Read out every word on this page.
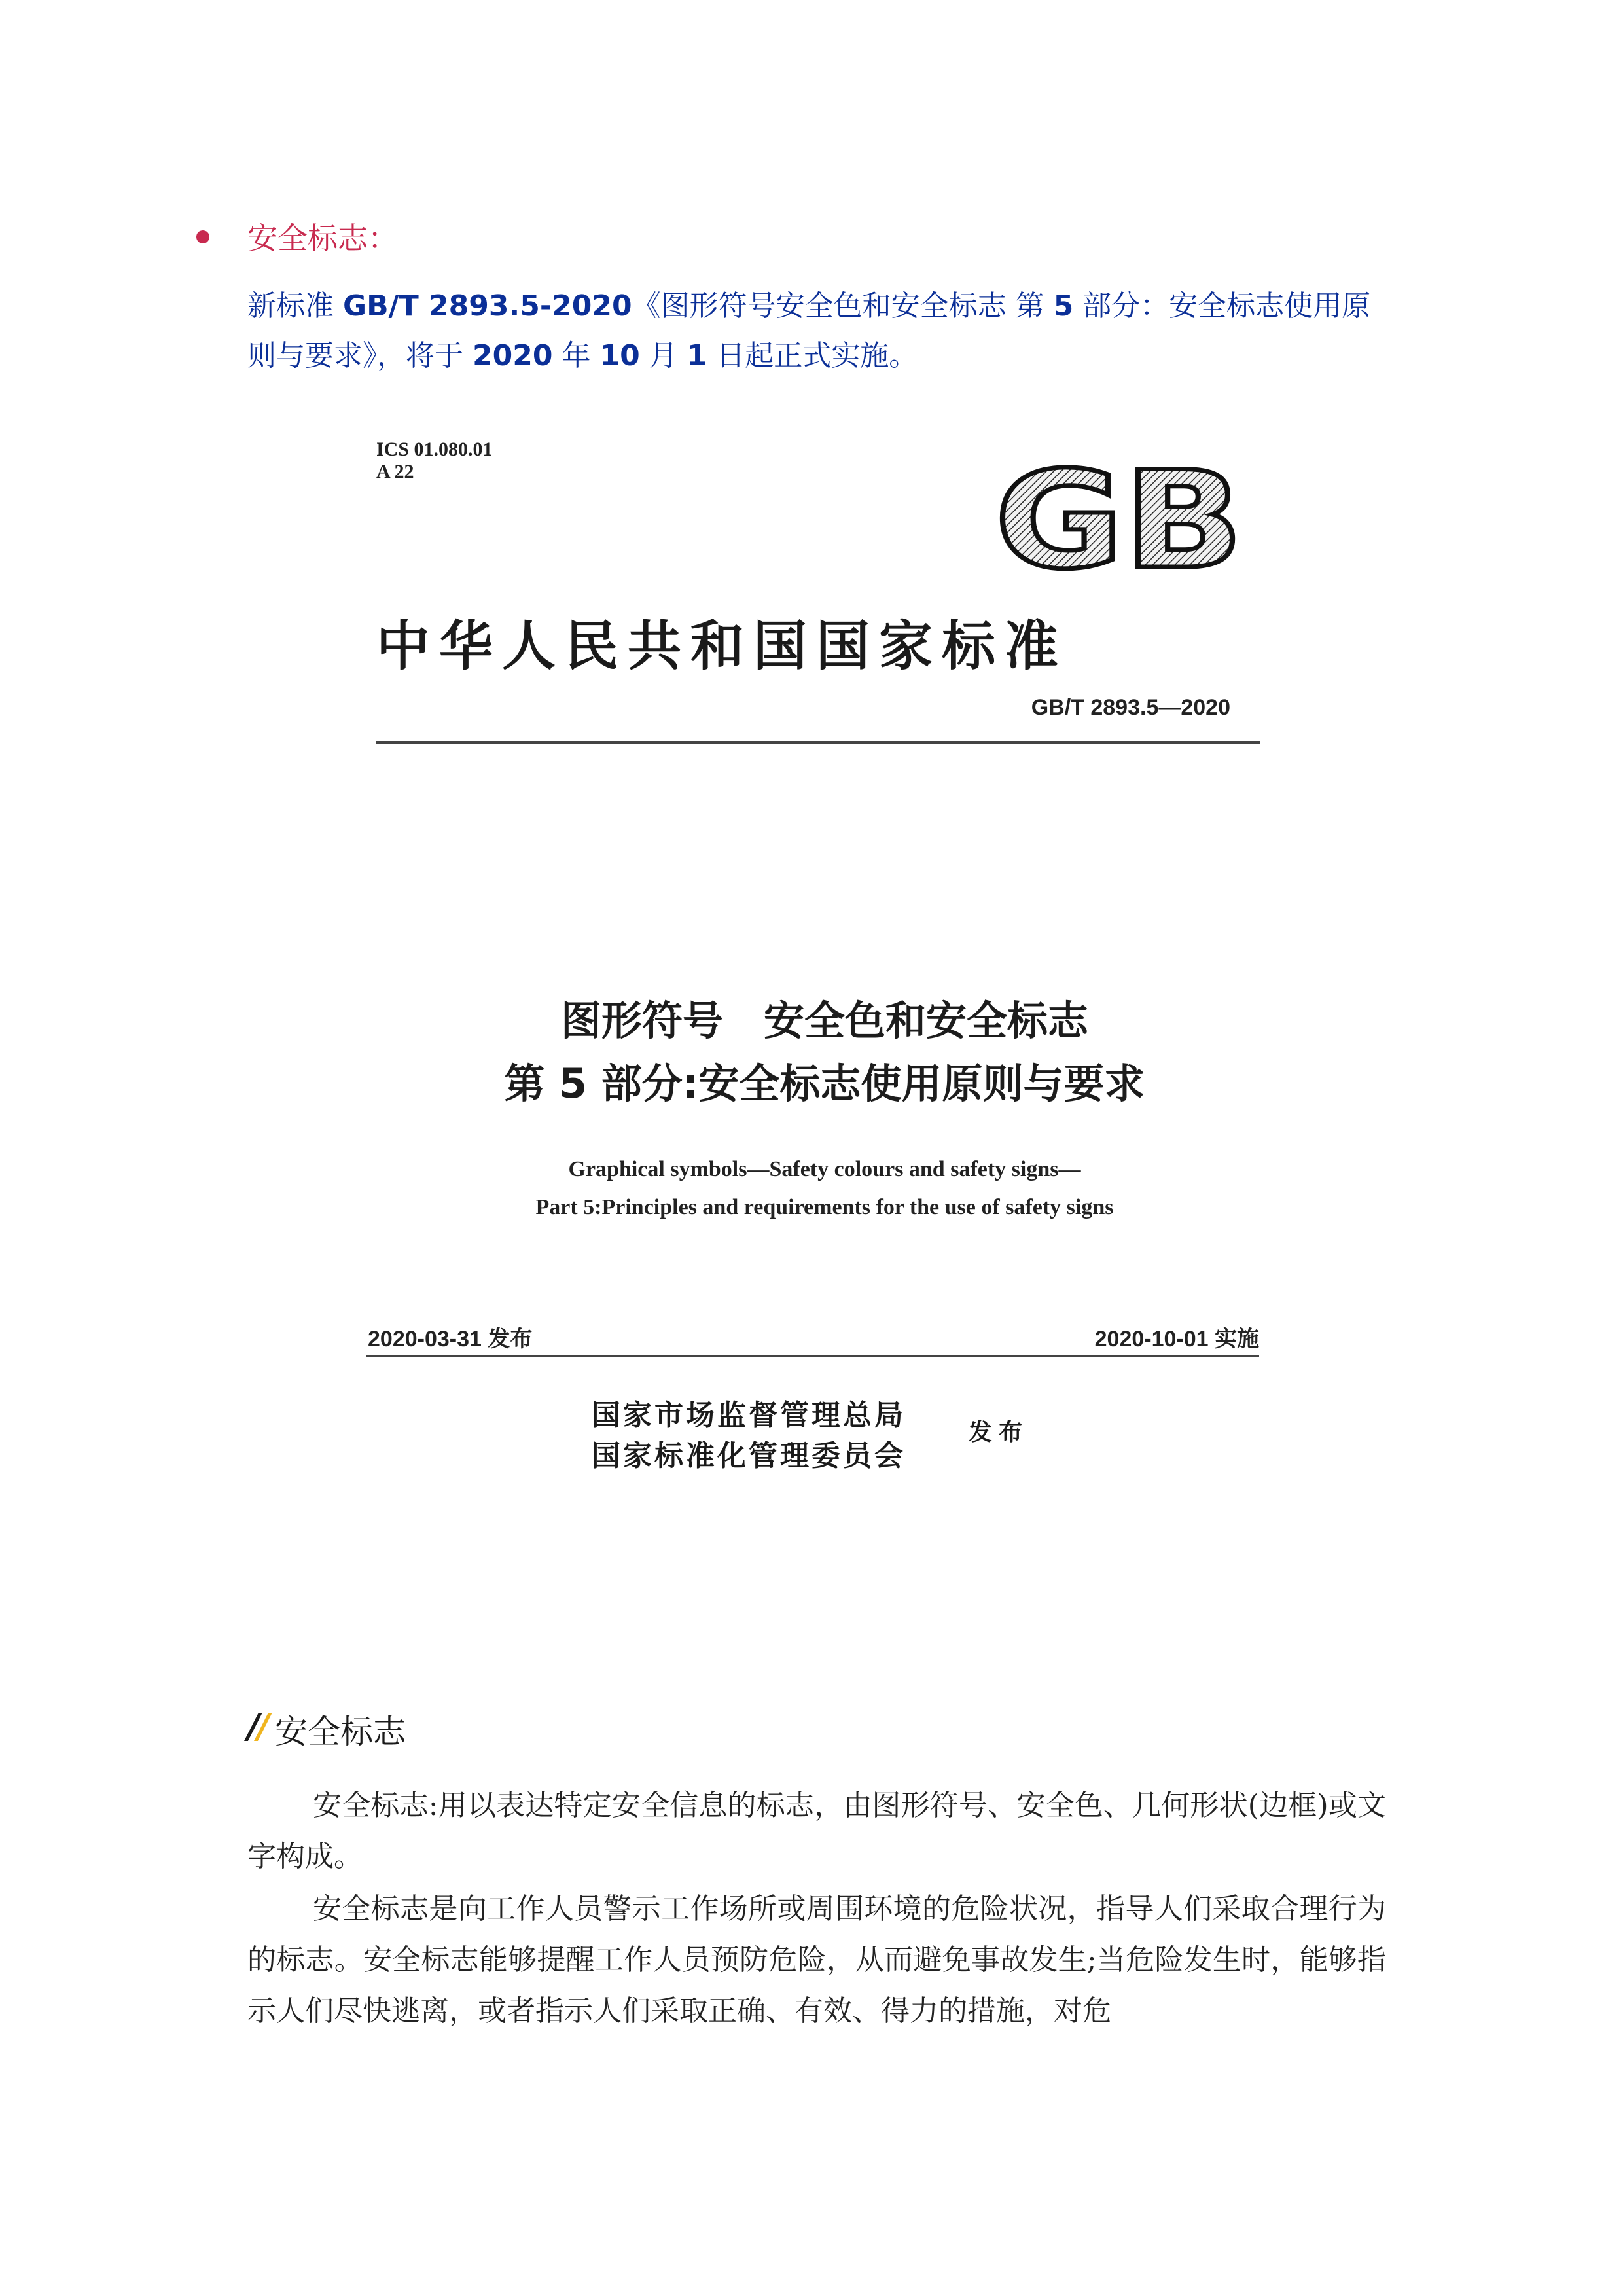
安全标志：
新标准 GB/T 2893.5-2020《图形符号安全色和安全标志 第 5 部分：安全标志使用原则与要求》，将于 2020 年 10 月 1 日起正式实施。
ICS 01.080.01
A 22	GB
中华人民共和国国家标准
GB/T 2893.5—2020
图形符号　安全色和安全标志
第 5 部分:安全标志使用原则与要求
Graphical symbols—Safety colours and safety signs—
Part 5:Principles and requirements for the use of safety signs
2020-03-31 发布	2020-10-01 实施
国家市场监督管理总局
国家标准化管理委员会
发布
// 安全标志
安全标志:用以表达特定安全信息的标志，由图形符号、安全色、几何形状(边框)或文字构成。
安全标志是向工作人员警示工作场所或周围环境的危险状况，指导人们采取合理行为的标志。安全标志能够提醒工作人员预防危险，从而避免事故发生;当危险发生时，能够指示人们尽快逃离，或者指示人们采取正确、有效、得力的措施，对危
